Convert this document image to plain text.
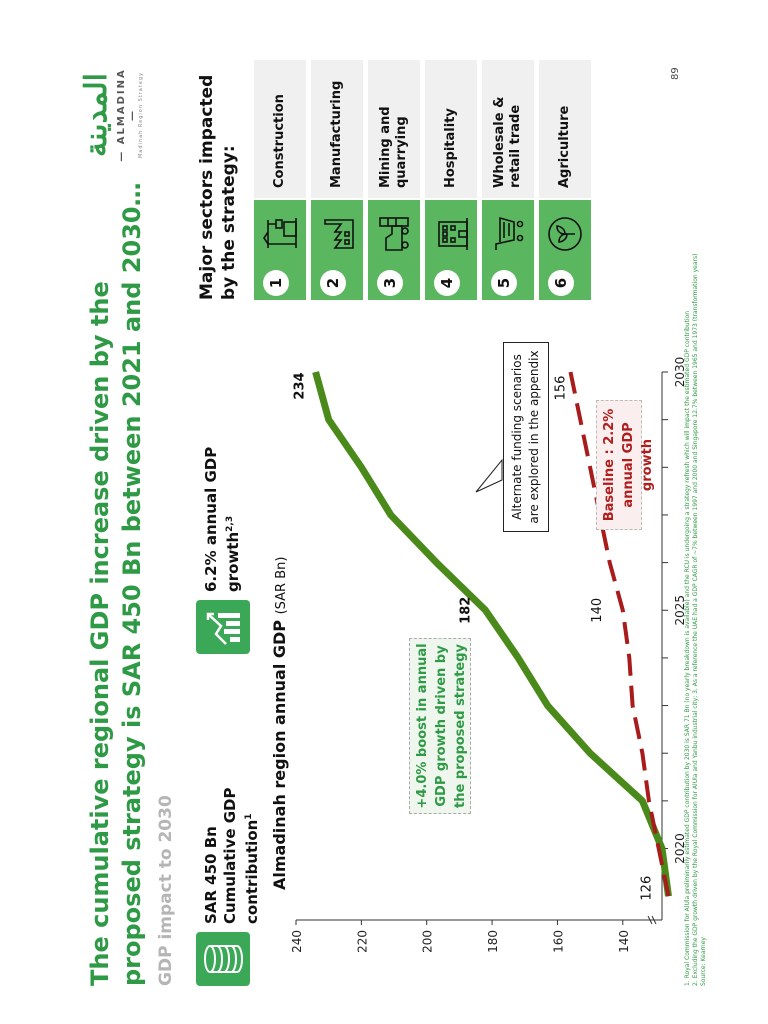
The cumulative regional GDP increase driven by the proposed strategy is SAR 450 Bn between 2021 and 2030… GDP impact to 2030
المدينة — ALMADINA — Madinah Region Strategy
SAR 450 Bn Cumulative GDP contribution$^1$
6.2% annual GDP growth$^{2,3}$
Almadinah region annual GDP (SAR Bn)
140
160
180
200
220
240
2020
2025
2030
126
182
234
140
156
+4.0% boost in annual GDP growth driven by the proposed strategy
Alternate funding scenarios are explored in the appendix	Baseline : 2.2% annual GDP growth
Major sectors impacted by the strategy: 1
Construction
2
Manufacturing
3
Mining and quarrying
4
Hospitality
5
Wholesale & retail trade
6
Agriculture
1. Royal Commission for AlUla preliminarily estimated GDP contribution by 2030 is SAR 71 Bn (no yearly breakdown is available) and the RCU is undergoing a strategy refresh which will impact the estimated GDP contribution 2. Excluding the GDP growth driven by the Royal Commission for AlUla and Yanbu industrial city; 3. As a reference the UAE had a GDP CAGR of ~7% between 1997 and 2000 and Singapore 12.7% between 1965 and 1973 (transformation years) Source: Kearney
89
